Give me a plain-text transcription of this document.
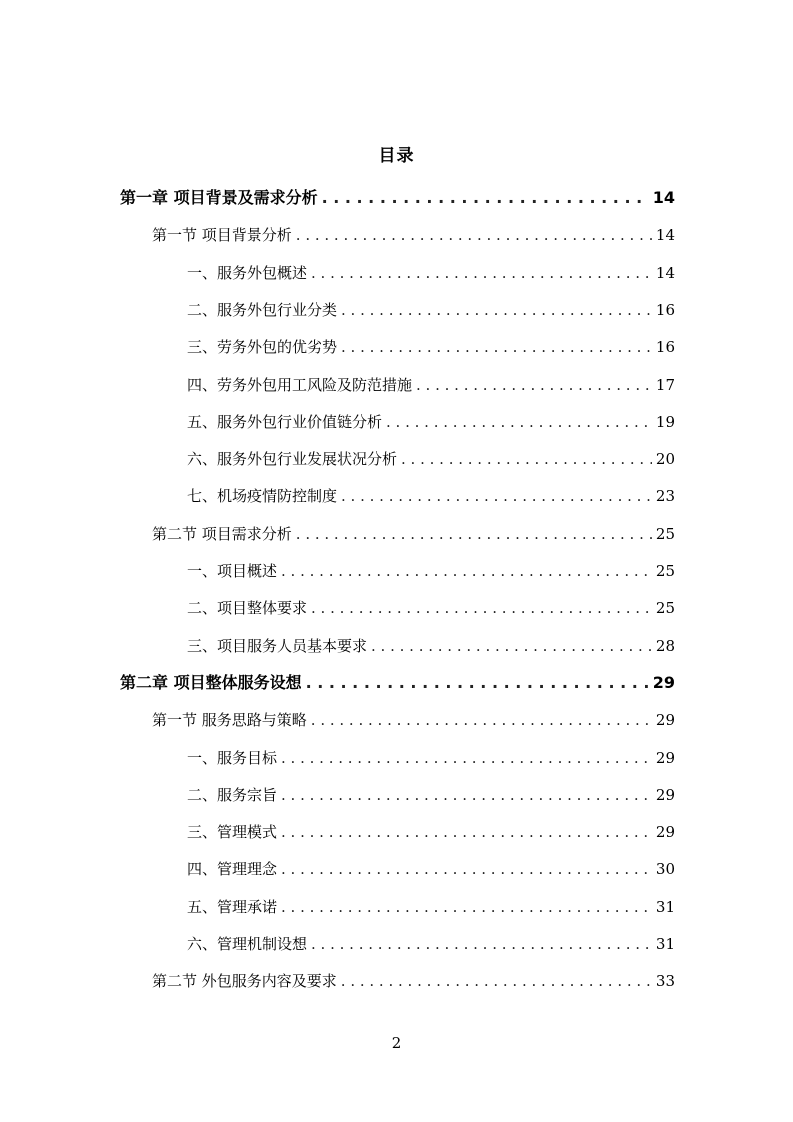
目录
第一章 项目背景及需求分析 . . .	14
第一节 项目背景分析 . . .	14
一、服务外包概述 . . .	14
二、服务外包行业分类 . . .	16
三、劳务外包的优劣势 . . .	16
四、劳务外包用工风险及防范措施 . . .	17
五、服务外包行业价值链分析 . . .	19
六、服务外包行业发展状况分析 . . .	20
七、机场疫情防控制度 . . .	23
第二节 项目需求分析 . . .	25
一、项目概述 . . .	25
二、项目整体要求 . . .	25
三、项目服务人员基本要求 . . .	28
第二章 项目整体服务设想 . . .	29
第一节 服务思路与策略 . . .	29
一、服务目标 . . .	29
二、服务宗旨 . . .	29
三、管理模式 . . .	29
四、管理理念 . . .	30
五、管理承诺 . . .	31
六、管理机制设想 . . .	31
第二节 外包服务内容及要求 . . .	33
2
